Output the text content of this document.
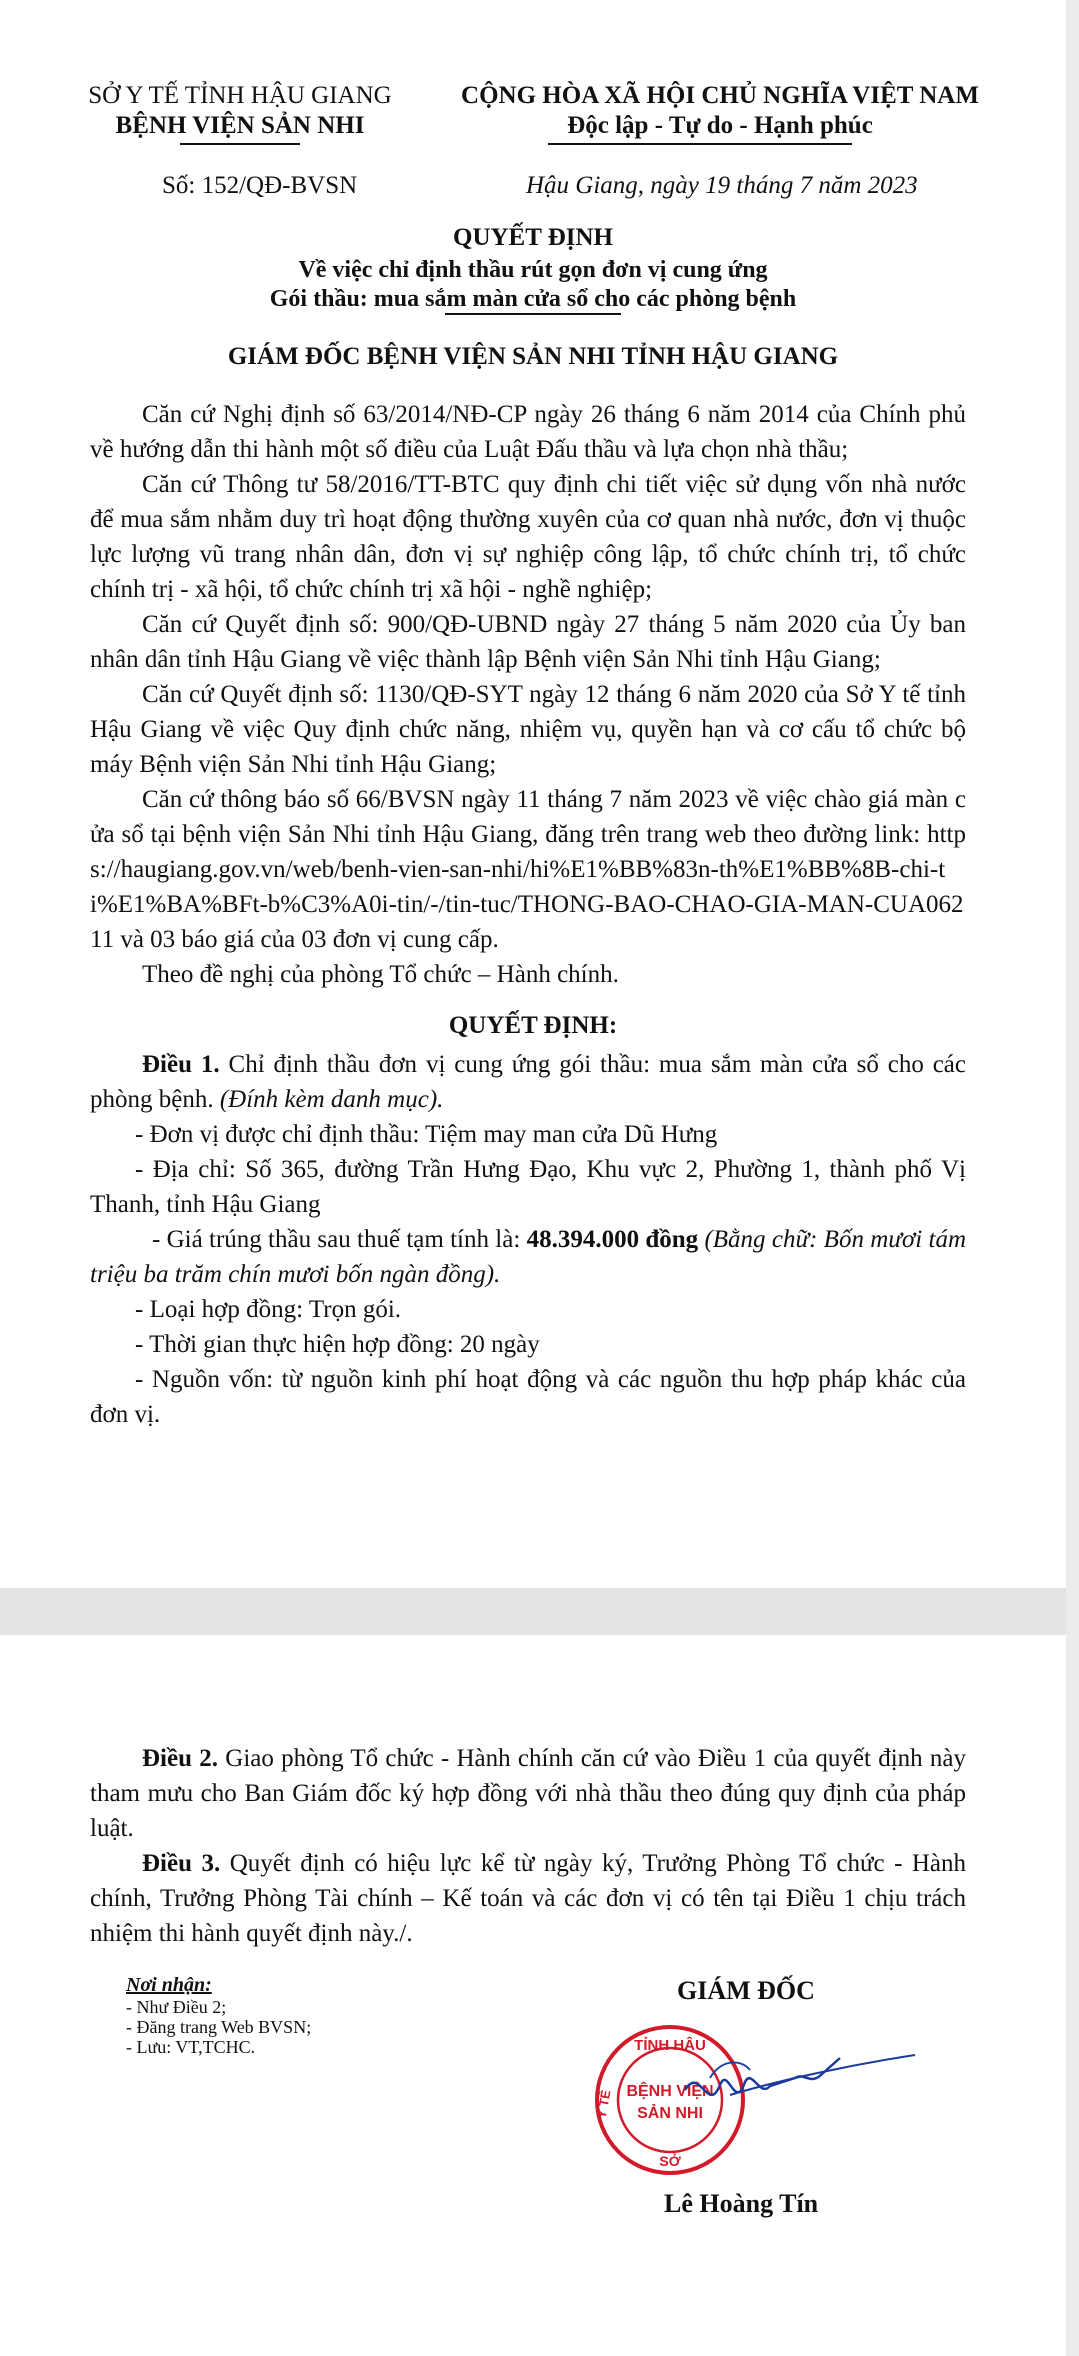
SỞ Y TẾ TỈNH HẬU GIANG
BỆNH VIỆN SẢN NHI
CỘNG HÒA XÃ HỘI CHỦ NGHĨA VIỆT NAM
Độc lập - Tự do - Hạnh phúc
Số: 152/QĐ-BVSN	Hậu Giang, ngày 19 tháng 7 năm 2023
QUYẾT ĐỊNH
Về việc chỉ định thầu rút gọn đơn vị cung ứng
Gói thầu: mua sắm màn cửa sổ cho các phòng bệnh
GIÁM ĐỐC BỆNH VIỆN SẢN NHI TỈNH HẬU GIANG
Căn cứ Nghị định số 63/2014/NĐ-CP ngày 26 tháng 6 năm 2014 của Chính phủ về hướng dẫn thi hành một số điều của Luật Đấu thầu và lựa chọn nhà thầu;
Căn cứ Thông tư 58/2016/TT-BTC quy định chi tiết việc sử dụng vốn nhà nước để mua sắm nhằm duy trì hoạt động thường xuyên của cơ quan nhà nước, đơn vị thuộc lực lượng vũ trang nhân dân, đơn vị sự nghiệp công lập, tổ chức chính trị, tổ chức chính trị - xã hội, tổ chức chính trị xã hội - nghề nghiệp;
Căn cứ Quyết định số: 900/QĐ-UBND ngày 27 tháng 5 năm 2020 của Ủy ban nhân dân tỉnh Hậu Giang về việc thành lập Bệnh viện Sản Nhi tỉnh Hậu Giang;
Căn cứ Quyết định số: 1130/QĐ-SYT ngày 12 tháng 6 năm 2020 của Sở Y tế tỉnh Hậu Giang về việc Quy định chức năng, nhiệm vụ, quyền hạn và cơ cấu tổ chức bộ máy Bệnh viện Sản Nhi tỉnh Hậu Giang;
Căn cứ thông báo số 66/BVSN ngày 11 tháng 7 năm 2023 về việc chào giá màn cửa sổ tại bệnh viện Sản Nhi tỉnh Hậu Giang, đăng trên trang web theo đường link: https://haugiang.gov.vn/web/benh-vien-san-nhi/hi%E1%BB%83n-th%E1%BB%8B-chi-ti%E1%BA%BFt-b%C3%A0i-tin/-/tin-tuc/THONG-BAO-CHAO-GIA-MAN-CUA06211 và 03 báo giá của 03 đơn vị cung cấp.
Theo đề nghị của phòng Tổ chức – Hành chính.
QUYẾT ĐỊNH:
Điều 1. Chỉ định thầu đơn vị cung ứng gói thầu: mua sắm màn cửa sổ cho các phòng bệnh. (Đính kèm danh mục).
- Đơn vị được chỉ định thầu: Tiệm may man cửa Dũ Hưng
- Địa chỉ: Số 365, đường Trần Hưng Đạo, Khu vực 2, Phường 1, thành phố Vị Thanh, tỉnh Hậu Giang
- Giá trúng thầu sau thuế tạm tính là: 48.394.000 đồng (Bằng chữ: Bốn mươi tám triệu ba trăm chín mươi bốn ngàn đồng).
- Loại hợp đồng: Trọn gói.
- Thời gian thực hiện hợp đồng: 20 ngày
- Nguồn vốn: từ nguồn kinh phí hoạt động và các nguồn thu hợp pháp khác của đơn vị.
Điều 2. Giao phòng Tổ chức - Hành chính căn cứ vào Điều 1 của quyết định này tham mưu cho Ban Giám đốc ký hợp đồng với nhà thầu theo đúng quy định của pháp luật.
Điều 3. Quyết định có hiệu lực kể từ ngày ký, Trưởng Phòng Tổ chức - Hành chính, Trưởng Phòng Tài chính – Kế toán và các đơn vị có tên tại Điều 1 chịu trách nhiệm thi hành quyết định này./.
Nơi nhận:
- Như Điều 2;
- Đăng trang Web BVSN;
- Lưu: VT,TCHC.
GIÁM ĐỐC
TỈNH HẬU
Y TẾ BỆNH VIỆN
SẢN NHI
SỞ
Lê Hoàng Tín
